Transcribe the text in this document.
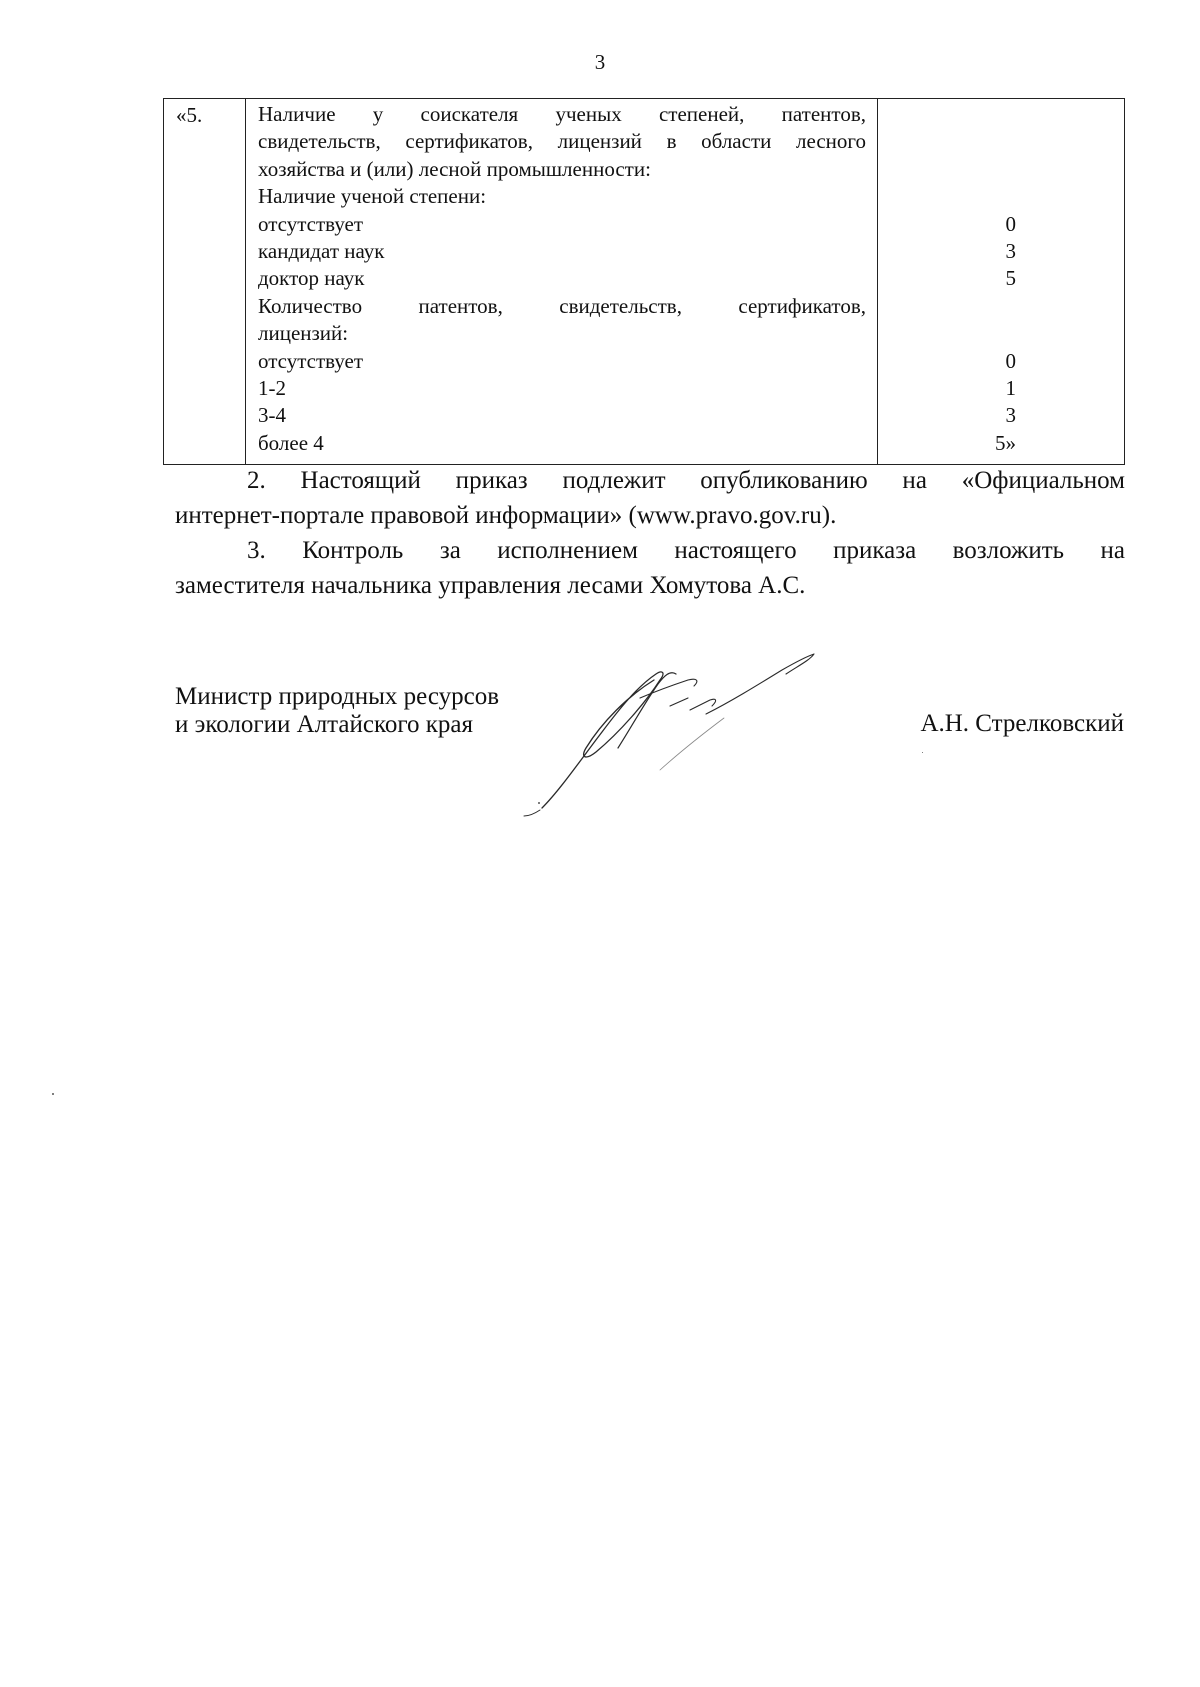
3
«5.	Наличие у соискателя ученых степеней, патентов,
свидетельств, сертификатов, лицензий в области лесного
хозяйства и (или) лесной промышленности:
Наличие ученой степени:
отсутствует
кандидат наук
доктор наук
Количество патентов, свидетельств, сертификатов,
лицензий:
отсутствует
1-2
3-4
более 4
0
3
5
0
1
3
5»
2. Настоящий приказ подлежит опубликованию на «Официальном
интернет-портале правовой информации» (www.pravo.gov.ru).
3. Контроль за исполнением настоящего приказа возложить на
заместителя начальника управления лесами Хомутова А.С.
Министр природных ресурсов
и экологии Алтайского края	А.Н. Стрелковский
